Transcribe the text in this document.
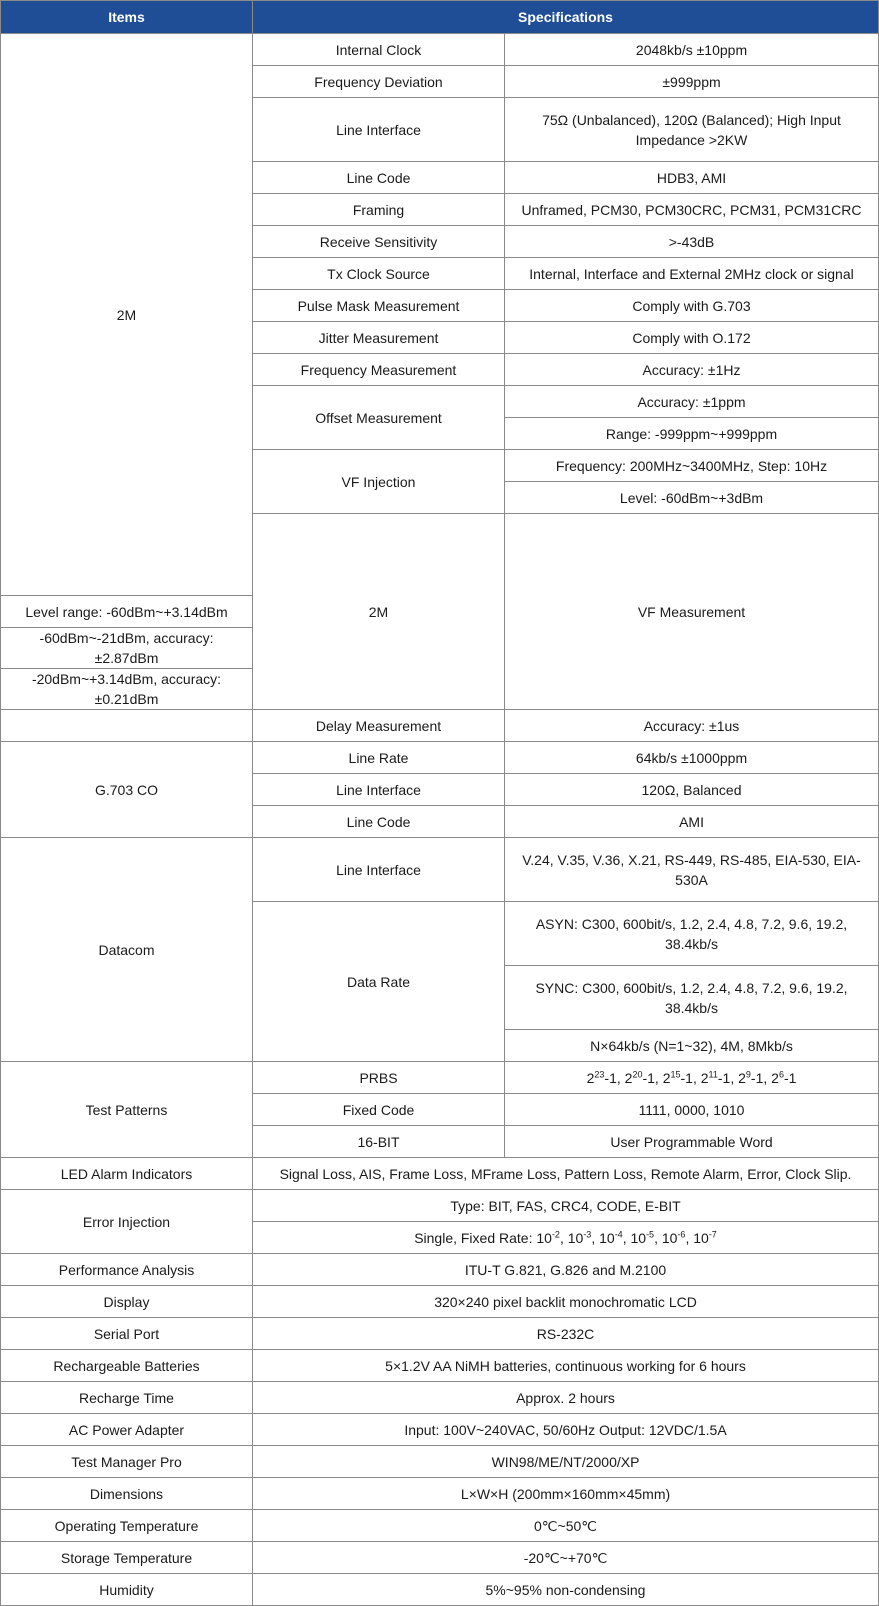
Items	Specifications		
2M	Internal Clock	2048kb/s ±10ppm	
	Frequency Deviation	±999ppm	
	Line Interface	75Ω (Unbalanced), 120Ω (Balanced); High Input Impedance >2KW	
	Line Code	HDB3, AMI	
	Framing	Unframed, PCM30, PCM30CRC, PCM31, PCM31CRC	
	Receive Sensitivity	>-43dB	
	Tx Clock Source	Internal, Interface and External 2MHz clock or signal	
	Pulse Mask Measurement	Comply with G.703	
	Jitter Measurement	Comply with O.172	
	Frequency Measurement	Accuracy: ±1Hz	
	Offset Measurement	Accuracy: ±1ppm	
		Range: -999ppm~+999ppm	
	VF Injection	Frequency: 200MHz~3400MHz, Step: 10Hz	
		Level: -60dBm~+3dBm	
	2M	VF Measurement	

Level range: -60dBm~+3.14dBm			
-60dBm~-21dBm, accuracy: ±2.87dBm			
-20dBm~+3.14dBm, accuracy: ±0.21dBm			
	Delay Measurement	Accuracy: ±1us	
G.703 CO	Line Rate	64kb/s ±1000ppm	
	Line Interface	120Ω, Balanced	
	Line Code	AMI	
Datacom	Line Interface	V.24, V.35, V.36, X.21, RS-449, RS-485, EIA-530, EIA-530A	
	Data Rate	ASYN: C300, 600bit/s, 1.2, 2.4, 4.8, 7.2, 9.6, 19.2, 38.4kb/s	
		SYNC: C300, 600bit/s, 1.2, 2.4, 4.8, 7.2, 9.6, 19.2, 38.4kb/s	
		N×64kb/s (N=1~32), 4M, 8Mkb/s	
Test Patterns	PRBS	$2^{23}-1$, $2^{20}-1$, $2^{15}-1$, $2^{11}-1$, $2^9-1$, $2^6-1$	
	Fixed Code	1111, 0000, 1010	
	16-BIT	User Programmable Word	
LED Alarm Indicators	Signal Loss, AIS, Frame Loss, MFrame Loss, Pattern Loss, Remote Alarm, Error, Clock Slip.		
Error Injection	Type: BIT, FAS, CRC4, CODE, E-BIT		
	Single, Fixed Rate: $10^{-2}$, $10^{-3}$, $10^{-4}$, $10^{-5}$, $10^{-6}$, $10^{-7}$
Performance Analysis	ITU-T G.821, G.826 and M.2100		
Display	320×240 pixel backlit monochromatic LCD		
Serial Port	RS-232C		
Rechargeable Batteries	5×1.2V AA NiMH batteries, continuous working for 6 hours		
Recharge Time	Approx. 2 hours		
AC Power Adapter	Input: 100V~240VAC, 50/60Hz Output: 12VDC/1.5A		
Test Manager Pro	WIN98/ME/NT/2000/XP		
Dimensions	L×W×H (200mm×160mm×45mm)		
Operating Temperature	0℃~50℃		
Storage Temperature	-20℃~+70℃		
Humidity	5%~95% non-condensing		
